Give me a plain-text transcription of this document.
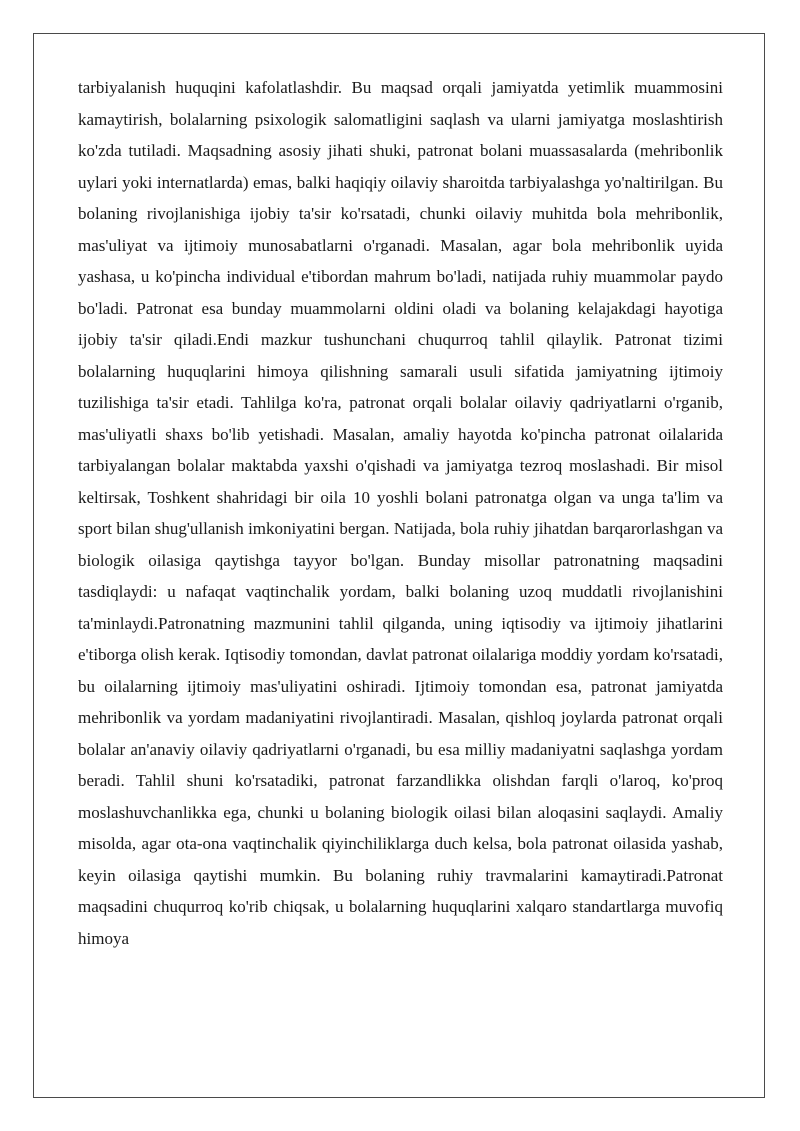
tarbiyalanish huquqini kafolatlashdir. Bu maqsad orqali jamiyatda yetimlik muammosini kamaytirish, bolalarning psixologik salomatligini saqlash va ularni jamiyatga moslashtirish ko'zda tutiladi. Maqsadning asosiy jihati shuki, patronat bolani muassasalarda (mehribonlik uylari yoki internatlarda) emas, balki haqiqiy oilaviy sharoitda tarbiyalashga yo'naltirilgan. Bu bolaning rivojlanishiga ijobiy ta'sir ko'rsatadi, chunki oilaviy muhitda bola mehribonlik, mas'uliyat va ijtimoiy munosabatlarni o'rganadi. Masalan, agar bola mehribonlik uyida yashasa, u ko'pincha individual e'tibordan mahrum bo'ladi, natijada ruhiy muammolar paydo bo'ladi. Patronat esa bunday muammolarni oldini oladi va bolaning kelajakdagi hayotiga ijobiy ta'sir qiladi.Endi mazkur tushunchani chuqurroq tahlil qilaylik. Patronat tizimi bolalarning huquqlarini himoya qilishning samarali usuli sifatida jamiyatning ijtimoiy tuzilishiga ta'sir etadi. Tahlilga ko'ra, patronat orqali bolalar oilaviy qadriyatlarni o'rganib, mas'uliyatli shaxs bo'lib yetishadi. Masalan, amaliy hayotda ko'pincha patronat oilalarida tarbiyalangan bolalar maktabda yaxshi o'qishadi va jamiyatga tezroq moslashadi. Bir misol keltirsak, Toshkent shahridagi bir oila 10 yoshli bolani patronatga olgan va unga ta'lim va sport bilan shug'ullanish imkoniyatini bergan. Natijada, bola ruhiy jihatdan barqarorlashgan va biologik oilasiga qaytishga tayyor bo'lgan. Bunday misollar patronatning maqsadini tasdiqlaydi: u nafaqat vaqtinchalik yordam, balki bolaning uzoq muddatli rivojlanishini ta'minlaydi.Patronatning mazmunini tahlil qilganda, uning iqtisodiy va ijtimoiy jihatlarini e'tiborga olish kerak. Iqtisodiy tomondan, davlat patronat oilalariga moddiy yordam ko'rsatadi, bu oilalarning ijtimoiy mas'uliyatini oshiradi. Ijtimoiy tomondan esa, patronat jamiyatda mehribonlik va yordam madaniyatini rivojlantiradi. Masalan, qishloq joylarda patronat orqali bolalar an'anaviy oilaviy qadriyatlarni o'rganadi, bu esa milliy madaniyatni saqlashga yordam beradi. Tahlil shuni ko'rsatadiki, patronat farzandlikka olishdan farqli o'laroq, ko'proq moslashuvchanlikka ega, chunki u bolaning biologik oilasi bilan aloqasini saqlaydi. Amaliy misolda, agar ota-ona vaqtinchalik qiyinchiliklarga duch kelsa, bola patronat oilasida yashab, keyin oilasiga qaytishi mumkin. Bu bolaning ruhiy travmalarini kamaytiradi.Patronat maqsadini chuqurroq ko'rib chiqsak, u bolalarning huquqlarini xalqaro standartlarga muvofiq himoya
